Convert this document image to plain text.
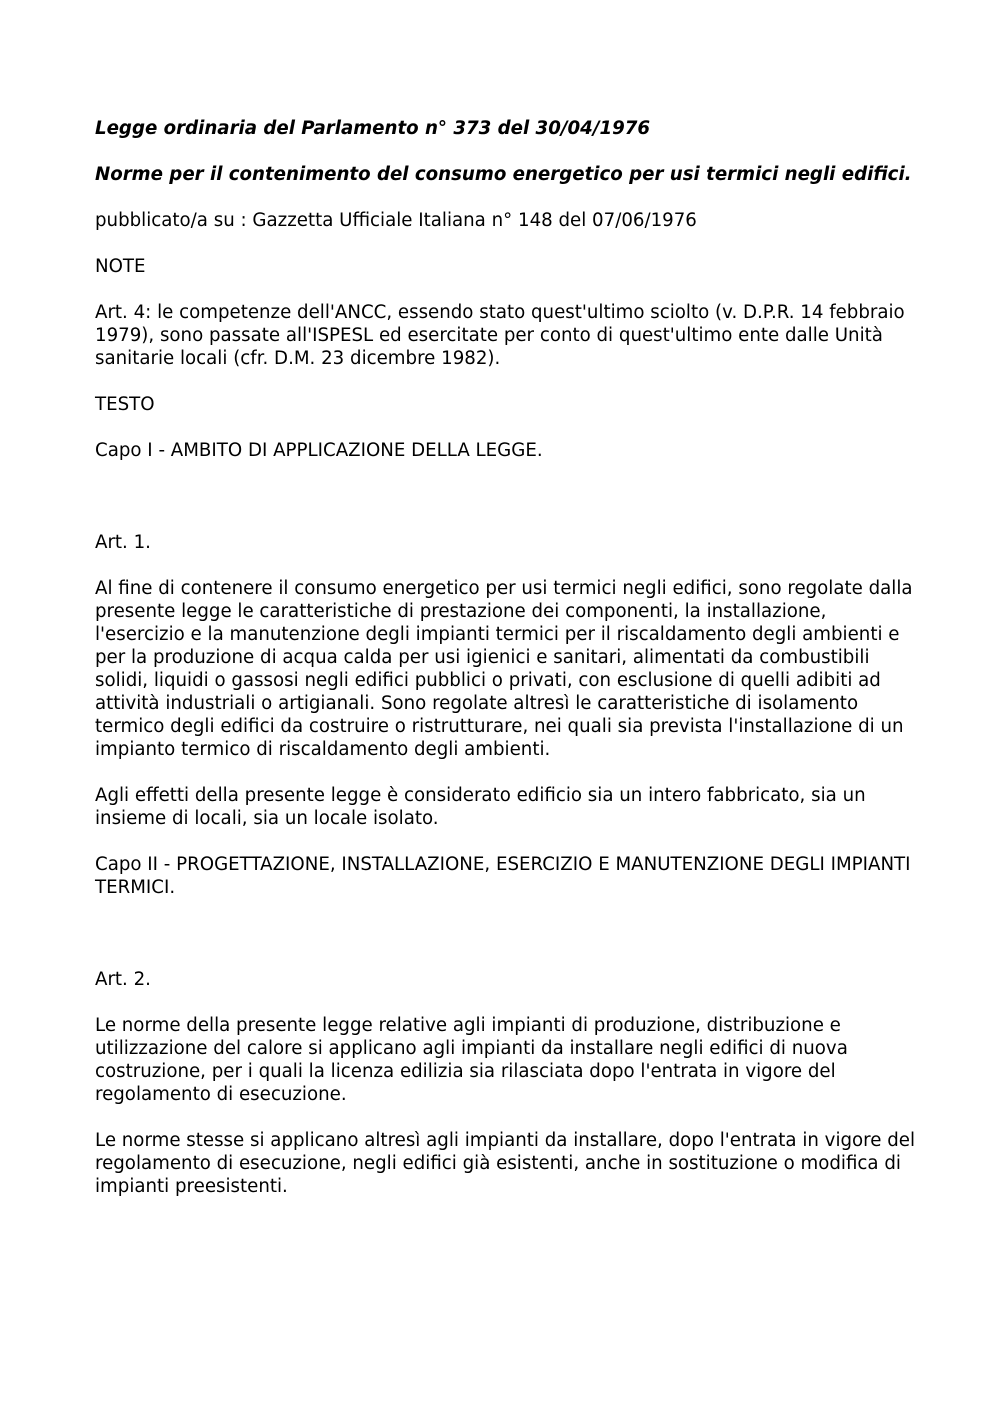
Legge ordinaria del Parlamento n° 373 del 30/04/1976

Norme per il contenimento del consumo energetico per usi termici negli edifici.

pubblicato/a su : Gazzetta Ufficiale Italiana n° 148 del 07/06/1976

NOTE

Art. 4: le competenze dell'ANCC, essendo stato quest'ultimo sciolto (v. D.P.R. 14 febbraio 1979), sono passate all'ISPESL ed esercitate per conto di quest'ultimo ente dalle Unità sanitarie locali (cfr. D.M. 23 dicembre 1982).

TESTO

Capo I - AMBITO DI APPLICAZIONE DELLA LEGGE.

Art. 1.

Al fine di contenere il consumo energetico per usi termici negli edifici, sono regolate dalla presente legge le caratteristiche di prestazione dei componenti, la installazione, l'esercizio e la manutenzione degli impianti termici per il riscaldamento degli ambienti e per la produzione di acqua calda per usi igienici e sanitari, alimentati da combustibili solidi, liquidi o gassosi negli edifici pubblici o privati, con esclusione di quelli adibiti ad attività industriali o artigianali. Sono regolate altresì le caratteristiche di isolamento termico degli edifici da costruire o ristrutturare, nei quali sia prevista l'installazione di un impianto termico di riscaldamento degli ambienti.

Agli effetti della presente legge è considerato edificio sia un intero fabbricato, sia un insieme di locali, sia un locale isolato.

Capo II - PROGETTAZIONE, INSTALLAZIONE, ESERCIZIO E MANUTENZIONE DEGLI IMPIANTI TERMICI.

Art. 2.

Le norme della presente legge relative agli impianti di produzione, distribuzione e utilizzazione del calore si applicano agli impianti da installare negli edifici di nuova costruzione, per i quali la licenza edilizia sia rilasciata dopo l'entrata in vigore del regolamento di esecuzione.

Le norme stesse si applicano altresì agli impianti da installare, dopo l'entrata in vigore del regolamento di esecuzione, negli edifici già esistenti, anche in sostituzione o modifica di impianti preesistenti.
